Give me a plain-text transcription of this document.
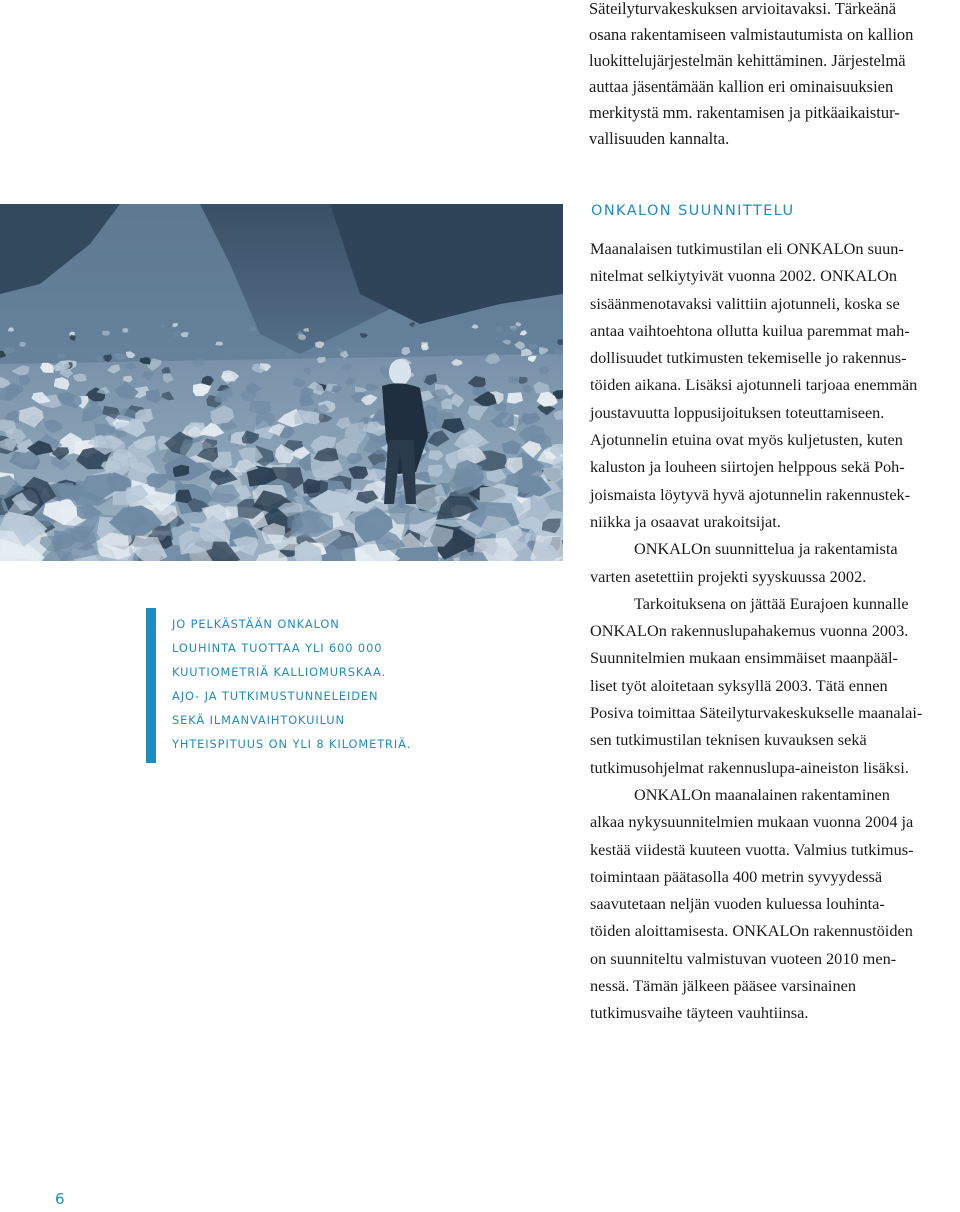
Säteilyturvakeskuksen arvioitavaksi. Tärkeänä
osana rakentamiseen valmistautumista on kallion
luokittelujärjestelmän kehittäminen. Järjestelmä
auttaa jäsentämään kallion eri ominaisuuksien
merkitystä mm. rakentamisen ja pitkäaikaistur-
vallisuuden kannalta.
JO PELKÄSTÄÄN ONKALON
LOUHINTA TUOTTAA YLI 600 000
KUUTIOMETRIÄ KALLIOMURSKAA.
AJO- JA TUTKIMUSTUNNELEIDEN
SEKÄ ILMANVAIHTOKUILUN
YHTEISPITUUS ON YLI 8 KILOMETRIÄ.
ONKALON SUUNNITTELU
Maanalaisen tutkimustilan eli ONKALOn suun-
nitelmat selkiytyivät vuonna 2002. ONKALOn
sisäänmenotavaksi valittiin ajotunneli, koska se
antaa vaihtoehtona ollutta kuilua paremmat mah-
dollisuudet tutkimusten tekemiselle jo rakennus-
töiden aikana. Lisäksi ajotunneli tarjoaa enemmän
joustavuutta loppusijoituksen toteuttamiseen.
Ajotunnelin etuina ovat myös kuljetusten, kuten
kaluston ja louheen siirtojen helppous sekä Poh-
joismaista löytyvä hyvä ajotunnelin rakennustek-
niikka ja osaavat urakoitsijat.
ONKALOn suunnittelua ja rakentamista
varten asetettiin projekti syyskuussa 2002.
Tarkoituksena on jättää Eurajoen kunnalle
ONKALOn rakennuslupahakemus vuonna 2003.
Suunnitelmien mukaan ensimmäiset maanpääl-
liset työt aloitetaan syksyllä 2003. Tätä ennen
Posiva toimittaa Säteilyturvakeskukselle maanalai-
sen tutkimustilan teknisen kuvauksen sekä
tutkimusohjelmat rakennuslupa-aineiston lisäksi.
ONKALOn maanalainen rakentaminen
alkaa nykysuunnitelmien mukaan vuonna 2004 ja
kestää viidestä kuuteen vuotta. Valmius tutkimus-
toimintaan päätasolla 400 metrin syvyydessä
saavutetaan neljän vuoden kuluessa louhinta-
töiden aloittamisesta. ONKALOn rakennustöiden
on suunniteltu valmistuvan vuoteen 2010 men-
nessä. Tämän jälkeen pääsee varsinainen
tutkimusvaihe täyteen vauhtiinsa.
6
